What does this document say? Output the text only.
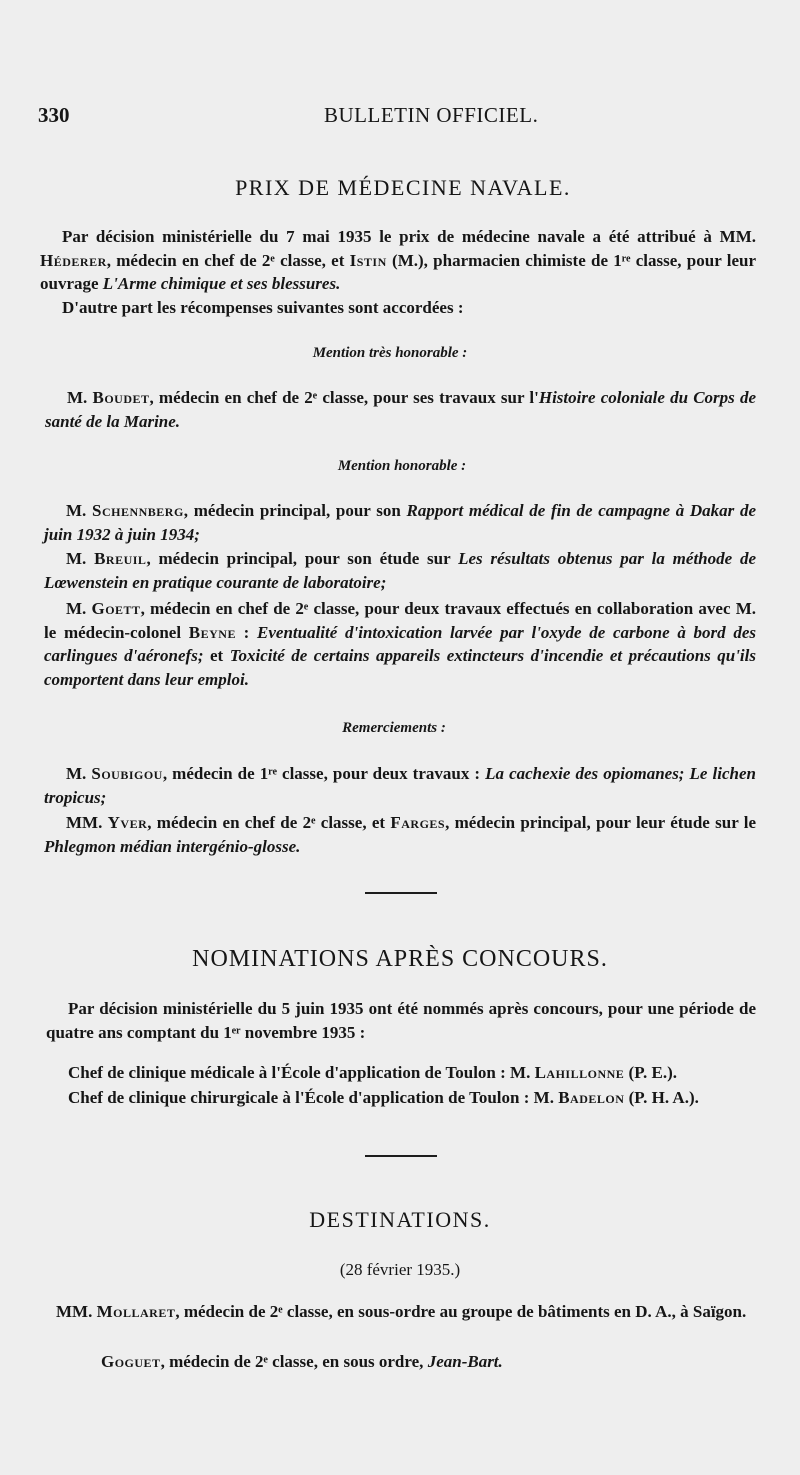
330	BULLETIN OFFICIEL.
PRIX DE MÉDECINE NAVALE.
Par décision ministérielle du 7 mai 1935 le prix de médecine navale a été attribué à MM. Héderer, médecin en chef de 2ᵉ classe, et Istin (M.), pharmacien chimiste de 1ʳᵉ classe, pour leur ouvrage L'Arme chimique et ses blessures.
D'autre part les récompenses suivantes sont accordées :
Mention très honorable :
M. Boudet, médecin en chef de 2ᵉ classe, pour ses travaux sur l'Histoire coloniale du Corps de santé de la Marine.
Mention honorable :
M. Schennberg, médecin principal, pour son Rapport médical de fin de campagne à Dakar de juin 1932 à juin 1934;
M. Breuil, médecin principal, pour son étude sur Les résultats obtenus par la méthode de Lœwenstein en pratique courante de laboratoire;
M. Goett, médecin en chef de 2ᵉ classe, pour deux travaux effectués en collaboration avec M. le médecin-colonel Beyne : Eventualité d'intoxication larvée par l'oxyde de carbone à bord des carlingues d'aéronefs; et Toxicité de certains appareils extincteurs d'incendie et précautions qu'ils comportent dans leur emploi.
Remerciements :
M. Soubigou, médecin de 1ʳᵉ classe, pour deux travaux : La cachexie des opiomanes; Le lichen tropicus;
MM. Yver, médecin en chef de 2ᵉ classe, et Farges, médecin principal, pour leur étude sur le Phlegmon médian intergénio-glosse.
NOMINATIONS APRÈS CONCOURS.
Par décision ministérielle du 5 juin 1935 ont été nommés après concours, pour une période de quatre ans comptant du 1ᵉʳ novembre 1935 :
Chef de clinique médicale à l'École d'application de Toulon : M. Lahillonne (P. E.).
Chef de clinique chirurgicale à l'École d'application de Toulon : M. Badelon (P. H. A.).
DESTINATIONS.
(28 février 1935.)
MM. Mollaret, médecin de 2ᵉ classe, en sous-ordre au groupe de bâtiments en D. A., à Saïgon.
Goguet, médecin de 2ᵉ classe, en sous ordre, Jean-Bart.
